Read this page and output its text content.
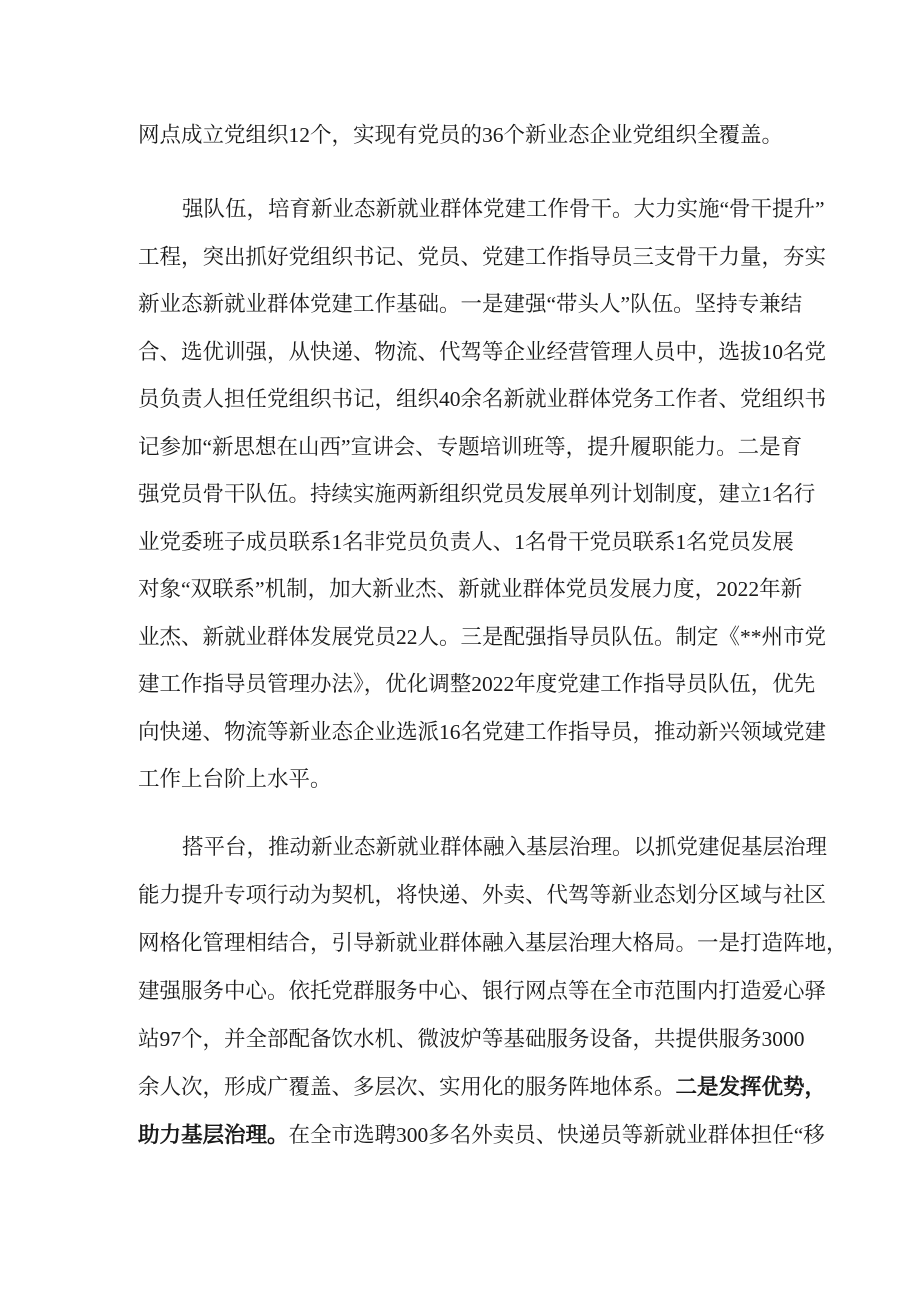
网点成立党组织12个，实现有党员的36个新业态企业党组织全覆盖。
强队伍，培育新业态新就业群体党建工作骨干。大力实施“骨干提升”
工程，突出抓好党组织书记、党员、党建工作指导员三支骨干力量，夯实
新业态新就业群体党建工作基础。一是建强“带头人”队伍。坚持专兼结
合、选优训强，从快递、物流、代驾等企业经营管理人员中，选拔10名党
员负责人担任党组织书记，组织40余名新就业群体党务工作者、党组织书
记参加“新思想在山西”宣讲会、专题培训班等，提升履职能力。二是育
强党员骨干队伍。持续实施两新组织党员发展单列计划制度，建立1名行
业党委班子成员联系1名非党员负责人、1名骨干党员联系1名党员发展
对象“双联系”机制，加大新业杰、新就业群体党员发展力度，2022年新
业杰、新就业群体发展党员22人。三是配强指导员队伍。制定《**州市党
建工作指导员管理办法》，优化调整2022年度党建工作指导员队伍，优先
向快递、物流等新业态企业选派16名党建工作指导员，推动新兴领域党建
工作上台阶上水平。
搭平台，推动新业态新就业群体融入基层治理。以抓党建促基层治理
能力提升专项行动为契机，将快递、外卖、代驾等新业态划分区域与社区
网格化管理相结合，引导新就业群体融入基层治理大格局。一是打造阵地，
建强服务中心。依托党群服务中心、银行网点等在全市范围内打造爱心驿
站97个，并全部配备饮水机、微波炉等基础服务设备，共提供服务3000
余人次，形成广覆盖、多层次、实用化的服务阵地体系。二是发挥优势，
助力基层治理。在全市选聘300多名外卖员、快递员等新就业群体担任“移
